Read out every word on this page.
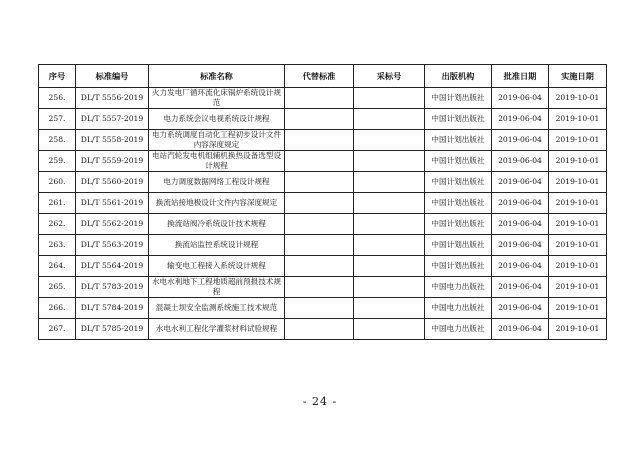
序号	标准编号	标准名称	代替标准	采标号	出版机构	批准日期	实施日期
256.	DL/T 5556-2019	火力发电厂循环流化床锅炉系统设计规范			中国计划出版社	2019-06-04	2019-10-01
257.	DL/T 5557-2019	电力系统会议电视系统设计规程			中国计划出版社	2019-06-04	2019-10-01
258.	DL/T 5558-2019	电力系统调度自动化工程初步设计文件内容深度规定			中国计划出版社	2019-06-04	2019-10-01
259.	DL/T 5559-2019	电站汽轮发电机组辅机换热设备选型设计规程			中国计划出版社	2019-06-04	2019-10-01
260.	DL/T 5560-2019	电力调度数据网络工程设计规程			中国计划出版社	2019-06-04	2019-10-01
261.	DL/T 5561-2019	换流站接地极设计文件内容深度规定			中国计划出版社	2019-06-04	2019-10-01
262.	DL/T 5562-2019	换流站阀冷系统设计技术规程			中国计划出版社	2019-06-04	2019-10-01
263.	DL/T 5563-2019	换流站监控系统设计规程			中国计划出版社	2019-06-04	2019-10-01
264.	DL/T 5564-2019	输变电工程接入系统设计规程			中国计划出版社	2019-06-04	2019-10-01
265.	DL/T 5783-2019	水电水利地下工程地质超前预报技术规程			中国电力出版社	2019-06-04	2019-10-01
266.	DL/T 5784-2019	混凝土坝安全监测系统施工技术规范			中国电力出版社	2019-06-04	2019-10-01
267.	DL/T 5785-2019	水电水利工程化学灌浆材料试验规程			中国电力出版社	2019-06-04	2019-10-01
- 24 -
